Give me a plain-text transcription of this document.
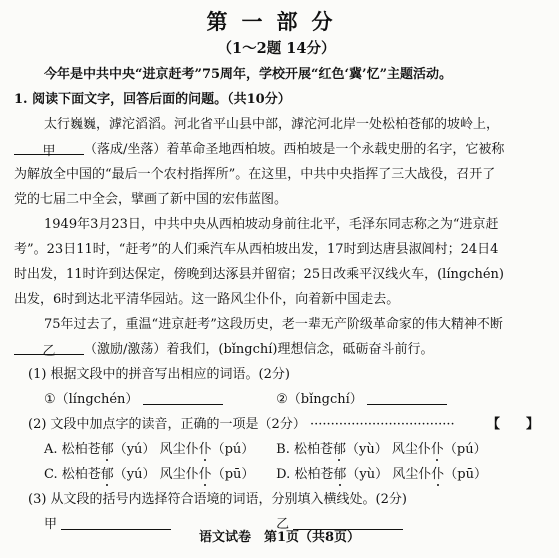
第一部分
（1～2题 14分）
今年是中共中央“进京赶考”75周年，学校开展“红色‘冀’忆”主题活动。
1. 阅读下面文字，回答后面的问题。（共10分）
太行巍巍，滹沱滔滔。河北省平山县中部，滹沱河北岸一处松柏苍郁的坡岭上，
甲 （落成/坐落）着革命圣地西柏坡。西柏坡是一个永载史册的名字，它被称
为解放全中国的“最后一个农村指挥所”。在这里，中共中央指挥了三大战役，召开了
党的七届二中全会，擘画了新中国的宏伟蓝图。
1949年3月23日，中共中央从西柏坡动身前往北平，毛泽东同志称之为“进京赶
考”。23日11时，“赶考”的人们乘汽车从西柏坡出发，17时到达唐县淑阊村；24日4
时出发，11时许到达保定，傍晚到达涿县并留宿；25日改乘平汉线火车，(língchén)
出发，6时到达北平清华园站。这一路风尘仆仆，向着新中国走去。
75年过去了，重温“进京赶考”这段历史，老一辈无产阶级革命家的伟大精神不断
乙 （激励/激荡）着我们，(bǐngchí)理想信念，砥砺奋斗前行。
(1) 根据文段中的拼音写出相应的词语。(2分)
①（língchén）	②（bǐngchí）
(2) 文段中加点字的读音，正确的一项是（2分） ··································· 【　　】
A. 松柏苍郁（yú） 风尘仆仆（pú） B. 松柏苍郁（yù） 风尘仆仆（pú）
C. 松柏苍郁（yú） 风尘仆仆（pū） D. 松柏苍郁（yù） 风尘仆仆（pū）
(3) 从文段的括号内选择符合语境的词语，分别填入横线处。(2分)
甲	乙
语文试卷　第1页（共8页）
